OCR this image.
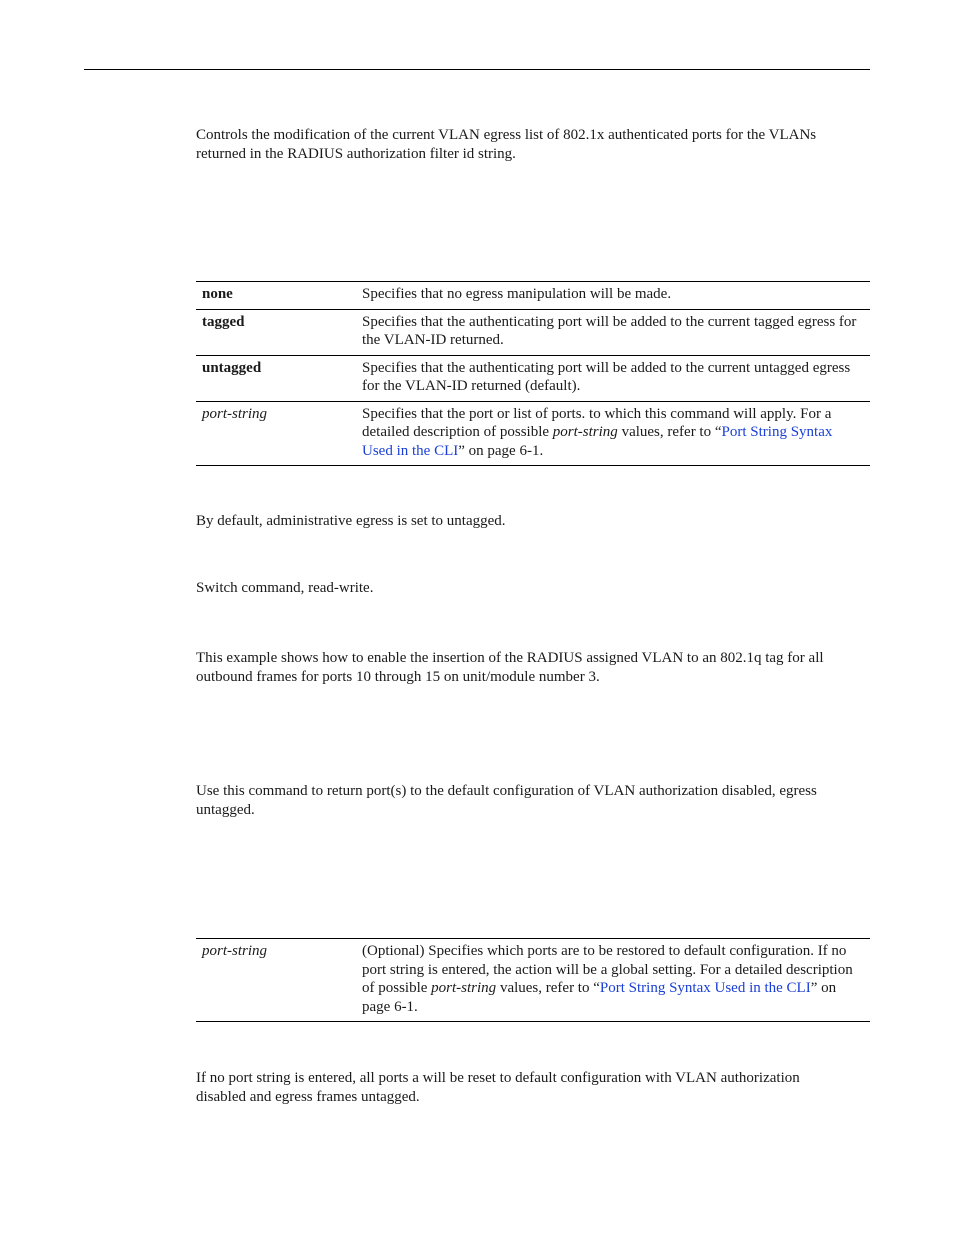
Controls the modification of the current VLAN egress list of 802.1x authenticated ports for the VLANs returned in the RADIUS authorization filter id string.

none	Specifies that no egress manipulation will be made.
tagged	Specifies that the authenticating port will be added to the current tagged egress for the VLAN-ID returned.
untagged	Specifies that the authenticating port will be added to the current untagged egress for the VLAN-ID returned (default).
port-string	Specifies that the port or list of ports. to which this command will apply. For a detailed description of possible port-string values, refer to “Port String Syntax Used in the CLI” on page 6-1.

By default, administrative egress is set to untagged.

Switch command, read-write.

This example shows how to enable the insertion of the RADIUS assigned VLAN to an 802.1q tag for all outbound frames for ports 10 through 15 on unit/module number 3.

Use this command to return port(s) to the default configuration of VLAN authorization disabled, egress untagged.

port-string	(Optional) Specifies which ports are to be restored to default configuration. If no port string is entered, the action will be a global setting. For a detailed description of possible port-string values, refer to “Port String Syntax Used in the CLI” on page 6-1.

If no port string is entered, all ports a will be reset to default configuration with VLAN authorization disabled and egress frames untagged.
